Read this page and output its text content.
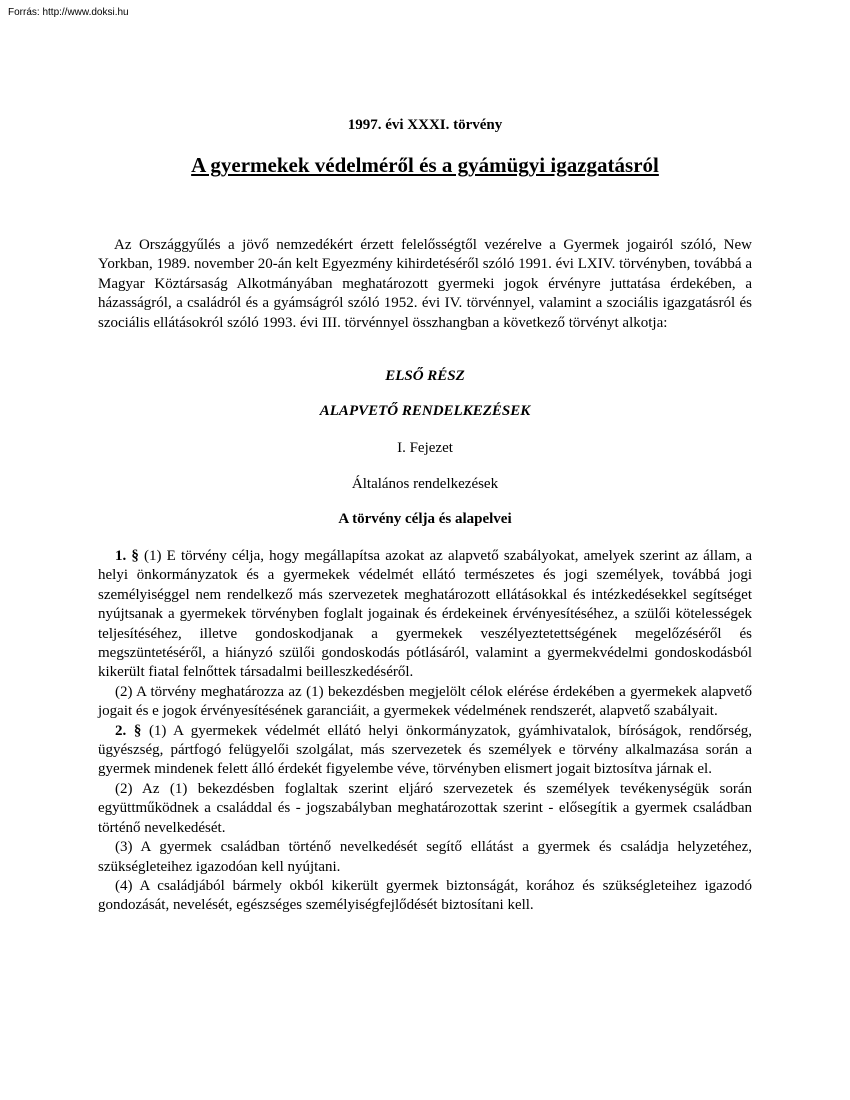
Forrás: http://www.doksi.hu
1997. évi XXXI. törvény
A gyermekek védelméről és a gyámügyi igazgatásról

Az Országgyűlés a jövő nemzedékért érzett felelősségtől vezérelve a Gyermek jogairól szóló, New Yorkban, 1989. november 20-án kelt Egyezmény kihirdetéséről szóló 1991. évi LXIV. törvényben, továbbá a Magyar Köztársaság Alkotmányában meghatározott gyermeki jogok érvényre juttatása érdekében, a házasságról, a családról és a gyámságról szóló 1952. évi IV. törvénnyel, valamint a szociális igazgatásról és szociális ellátásokról szóló 1993. évi III. törvénnyel összhangban a következő törvényt alkotja:

ELSŐ RÉSZ
ALAPVETŐ RENDELKEZÉSEK
I. Fejezet
Általános rendelkezések
A törvény célja és alapelvei

1. § (1) E törvény célja, hogy megállapítsa azokat az alapvető szabályokat, amelyek szerint az állam, a helyi önkormányzatok és a gyermekek védelmét ellátó természetes és jogi személyek, továbbá jogi személyiséggel nem rendelkező más szervezetek meghatározott ellátásokkal és intézkedésekkel segítséget nyújtsanak a gyermekek törvényben foglalt jogainak és érdekeinek érvényesítéséhez, a szülői kötelességek teljesítéséhez, illetve gondoskodjanak a gyermekek veszélyeztetettségének megelőzéséről és megszüntetéséről, a hiányzó szülői gondoskodás pótlásáról, valamint a gyermekvédelmi gondoskodásból kikerült fiatal felnőttek társadalmi beilleszkedéséről.

(2) A törvény meghatározza az (1) bekezdésben megjelölt célok elérése érdekében a gyermekek alapvető jogait és e jogok érvényesítésének garanciáit, a gyermekek védelmének rendszerét, alapvető szabályait.

2. § (1) A gyermekek védelmét ellátó helyi önkormányzatok, gyámhivatalok, bíróságok, rendőrség, ügyészség, pártfogó felügyelői szolgálat, más szervezetek és személyek e törvény alkalmazása során a gyermek mindenek felett álló érdekét figyelembe véve, törvényben elismert jogait biztosítva járnak el.

(2) Az (1) bekezdésben foglaltak szerint eljáró szervezetek és személyek tevékenységük során együttműködnek a családdal és - jogszabályban meghatározottak szerint - elősegítik a gyermek családban történő nevelkedését.

(3) A gyermek családban történő nevelkedését segítő ellátást a gyermek és családja helyzetéhez, szükségleteihez igazodóan kell nyújtani.

(4) A családjából bármely okból kikerült gyermek biztonságát, korához és szükségleteihez igazodó gondozását, nevelését, egészséges személyiségfejlődését biztosítani kell.
